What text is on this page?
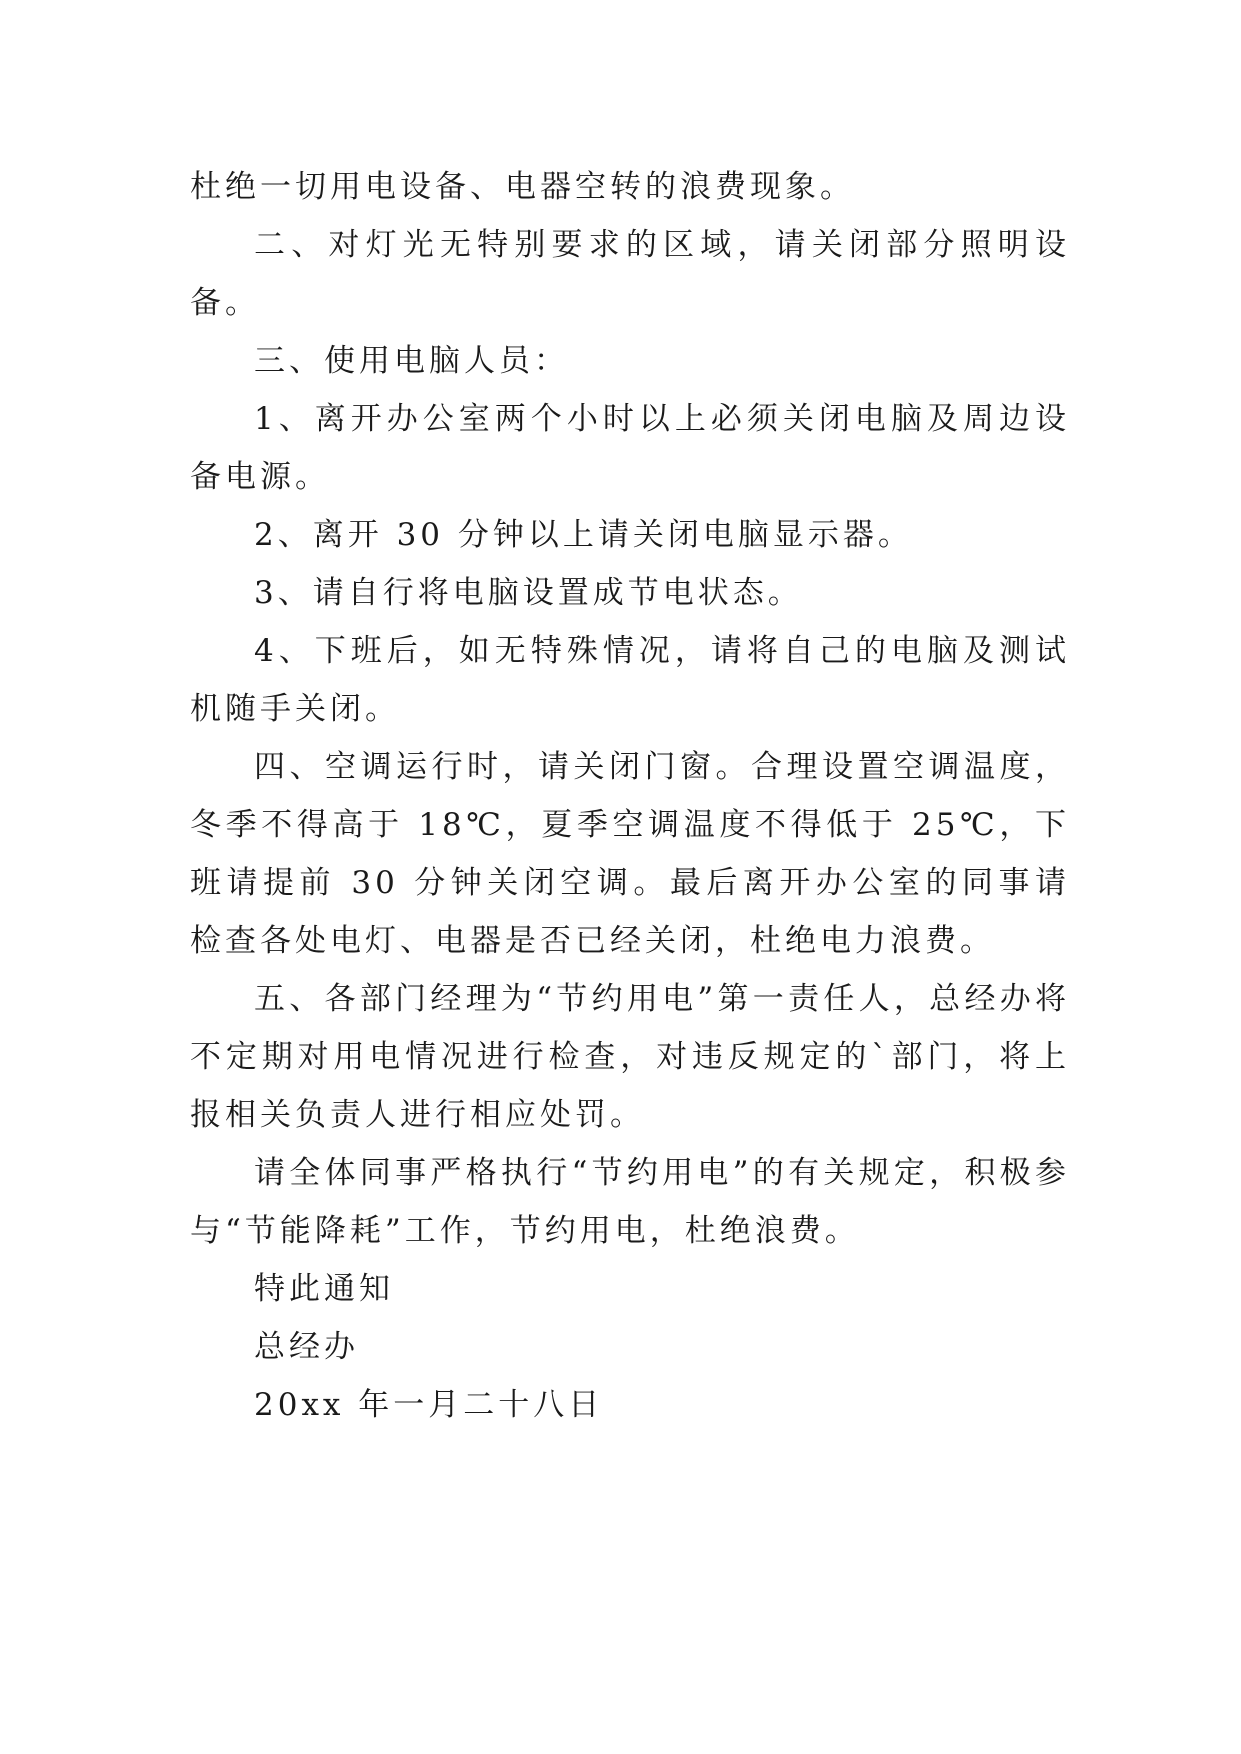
杜绝一切用电设备、电器空转的浪费现象。

二、对灯光无特别要求的区域，请关闭部分照明设备。

三、使用电脑人员：

1、离开办公室两个小时以上必须关闭电脑及周边设备电源。

2、离开 30 分钟以上请关闭电脑显示器。

3、请自行将电脑设置成节电状态。

4、下班后，如无特殊情况，请将自己的电脑及测试机随手关闭。

四、空调运行时，请关闭门窗。合理设置空调温度，冬季不得高于 18℃，夏季空调温度不得低于 25℃，下班请提前 30 分钟关闭空调。最后离开办公室的同事请检查各处电灯、电器是否已经关闭，杜绝电力浪费。

五、各部门经理为“节约用电”第一责任人，总经办将不定期对用电情况进行检查，对违反规定的`部门，将上报相关负责人进行相应处罚。

请全体同事严格执行“节约用电”的有关规定，积极参与“节能降耗”工作，节约用电，杜绝浪费。

特此通知

总经办

20xx 年一月二十八日
